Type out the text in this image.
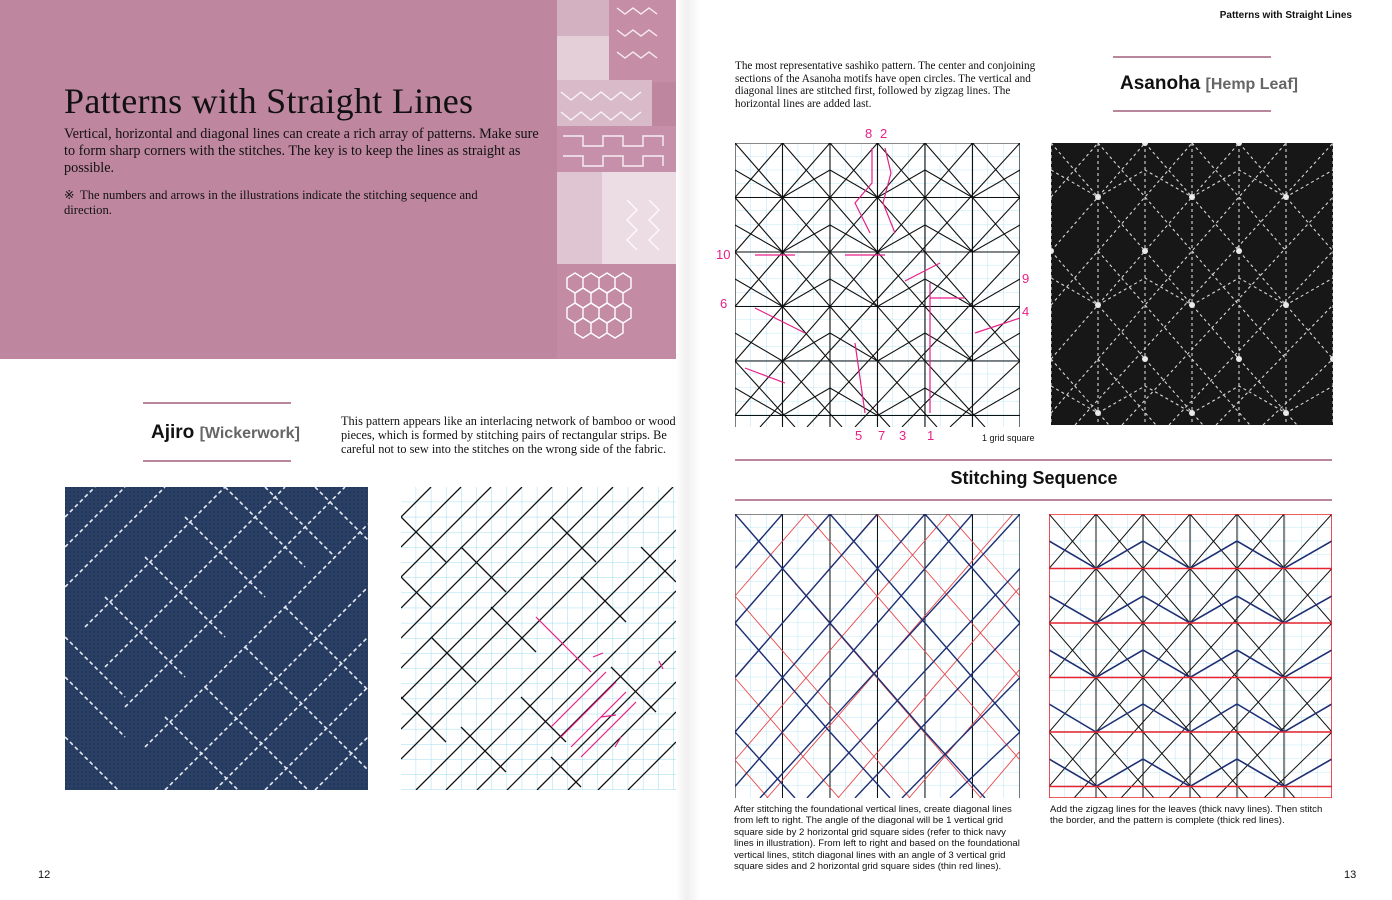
Patterns with Straight Lines

Vertical, horizontal and diagonal lines can create a rich array of patterns. Make sure to form sharp corners with the stitches. The key is to keep the lines as straight as possible.

※ The numbers and arrows in the illustrations indicate the stitching sequence and direction.
Ajiro [Wickerwork]

This pattern appears like an interlacing network of bamboo or wood pieces, which is formed by stitching pairs of rectangular strips. Be careful not to sew into the stitches on the wrong side of the fabric.

12
Patterns with Straight Lines

The most representative sashiko pattern. The center and conjoining sections of the Asanoha motifs have open circles. The vertical and diagonal lines are stitched first, followed by zigzag lines. The horizontal lines are added last.

Asanoha [Hemp Leaf]
8 2
10
6
9
4
5 7 3 1	1 grid square
Stitching Sequence

After stitching the foundational vertical lines, create diagonal lines from left to right. The angle of the diagonal will be 1 vertical grid square side by 2 horizontal grid square sides (refer to thick navy lines in illustration). From left to right and based on the foundational vertical lines, stitch diagonal lines with an angle of 3 vertical grid square sides and 2 horizontal grid square sides (thin red lines).

Add the zigzag lines for the leaves (thick navy lines). Then stitch the border, and the pattern is complete (thick red lines).

13
